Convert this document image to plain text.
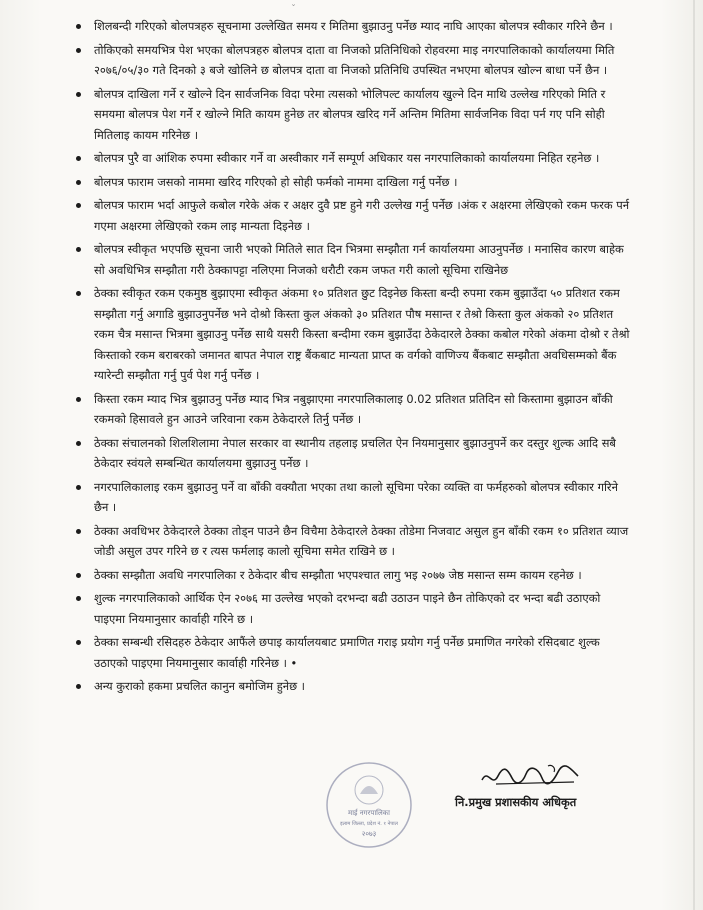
ˇ
शिलबन्दी गरिएको बोलपत्रहरु सूचनामा उल्लेखित समय र मितिमा बुझाउनु पर्नेछ म्याद नाघि आएका बोलपत्र स्वीकार गरिने छैन ।
तोकिएको समयभित्र पेश भएका बोलपत्रहरु बोलपत्र दाता वा निजको प्रतिनिधिको रोहवरमा माइ नगरपालिकाको कार्यालयमा मिति २०७६/०५/३० गते दिनको ३ बजे खोलिने छ बोलपत्र दाता वा निजको प्रतिनिधि उपस्थित नभएमा बोलपत्र खोल्न बाधा पर्ने छैन ।
बोलपत्र दाखिला गर्ने र खोल्ने दिन सार्वजनिक विदा परेमा त्यसको भोलिपल्ट कार्यालय खुल्ने दिन माथि उल्लेख गरिएको मिति र समयमा बोलपत्र पेश गर्ने र खोल्ने मिति कायम हुनेछ तर बोलपत्र खरिद गर्ने अन्तिम मितिमा सार्वजनिक विदा पर्न गए पनि सोही मितिलाइ कायम गरिनेछ ।
बोलपत्र पुरै वा आंशिक रुपमा स्वीकार गर्ने वा अस्वीकार गर्ने सम्पूर्ण अधिकार यस नगरपालिकाको कार्यालयमा निहित रहनेछ ।
बोलपत्र फाराम जसको नाममा खरिद गरिएको हो सोही फर्मको नाममा दाखिला गर्नु पर्नेछ ।
बोलपत्र फाराम भर्दा आफुले कबोल गरेके अंक र अक्षर दुवै प्रष्ट हुने गरी उल्लेख गर्नु पर्नेछ ।अंक र अक्षरमा लेखिएको रकम फरक पर्न गएमा अक्षरमा लेखिएको रकम लाइ मान्यता दिइनेछ ।
बोलपत्र स्वीकृत भएपछि सूचना जारी भएको मितिले सात दिन भित्रमा सम्झौता गर्न कार्यालयमा आउनुपर्नेछ । मनासिव कारण बाहेक सो अवधिभित्र सम्झौता गरी ठेक्कापट्टा नलिएमा निजको धरौटी रकम जफत गरी कालो सूचिमा राखिनेछ
ठेक्का स्वीकृत रकम एकमुष्ठ बुझाएमा स्वीकृत अंकमा १० प्रतिशत छुट दिइनेछ किस्ता बन्दी रुपमा रकम बुझाउँदा ५० प्रतिशत रकम सम्झौता गर्नु अगाडि बुझाउनुपर्नेछ भने दोश्रो किस्ता कुल अंकको ३० प्रतिशत पौष मसान्त र तेश्रो किस्ता कुल अंकको २० प्रतिशत रकम चैत्र मसान्त भित्रमा बुझाउनु पर्नेछ साथै यसरी किस्ता बन्दीमा रकम बुझाउँदा ठेकेदारले ठेक्का कबोल गरेको अंकमा दोश्रो र तेश्रो किस्ताको रकम बराबरको जमानत बापत नेपाल राष्ट्र बैंकबाट मान्यता प्राप्त क वर्गको वाणिज्य बैंकबाट सम्झौता अवधिसम्मको बैंक ग्यारेन्टी सम्झौता गर्नु पुर्व पेश गर्नु पर्नेछ ।
किस्ता रकम म्याद भित्र बुझाउनु पर्नेछ म्याद भित्र नबुझाएमा नगरपालिकालाइ 0.02 प्रतिशत प्रतिदिन सो किस्तामा बुझाउन बाँकी रकमको हिसावले हुन आउने जरिवाना रकम ठेकेदारले तिर्नु पर्नेछ ।
ठेक्का संचालनको शिलशिलामा नेपाल सरकार वा स्थानीय तहलाइ प्रचलित ऐन नियमानुसार बुझाउनुपर्ने कर दस्तुर शुल्क आदि सबै ठेकेदार स्वंयले सम्बन्धित कार्यालयमा बुझाउनु पर्नेछ ।
नगरपालिकालाइ रकम बुझाउनु पर्ने वा बाँकी वक्यौता भएका तथा कालो सूचिमा परेका व्यक्ति वा फर्महरुको बोलपत्र स्वीकार गरिने छैन ।
ठेक्का अवधिभर ठेकेदारले ठेक्का तोड्न पाउने छैन विचैमा ठेकेदारले ठेक्का तोडेमा निजवाट असुल हुन बाँकी रकम १० प्रतिशत व्याज जोडी असुल उपर गरिने छ र त्यस फर्मलाइ कालो सूचिमा समेत राखिने छ ।
ठेक्का सम्झौता अवधि नगरपालिका र ठेकेदार बीच सम्झौता भएपश्चात लागु भइ २०७७ जेष्ठ मसान्त सम्म कायम रहनेछ ।
शुल्क नगरपालिकाको आर्थिक ऐन २०७६ मा उल्लेख भएको दरभन्दा बढी उठाउन पाइने छैन तोकिएको दर भन्दा बढी उठाएको पाइएमा नियमानुसार कार्वाही गरिने छ ।
ठेक्का सम्बन्धी रसिदहरु ठेकेदार आफैंले छपाइ कार्यालयबाट प्रमाणित गराइ प्रयोग गर्नु पर्नेछ प्रमाणित नगरेको रसिदबाट शुल्क उठाएको पाइएमा नियमानुसार कार्वाही गरिनेछ । •
अन्य कुराको हकमा प्रचलित कानुन बमोजिम हुनेछ ।
माई नगरपालिका
इलाम जिल्ला, प्रदेश नं. १ नेपाल
२०७३
नि.प्रमुख प्रशासकीय अधिकृत
